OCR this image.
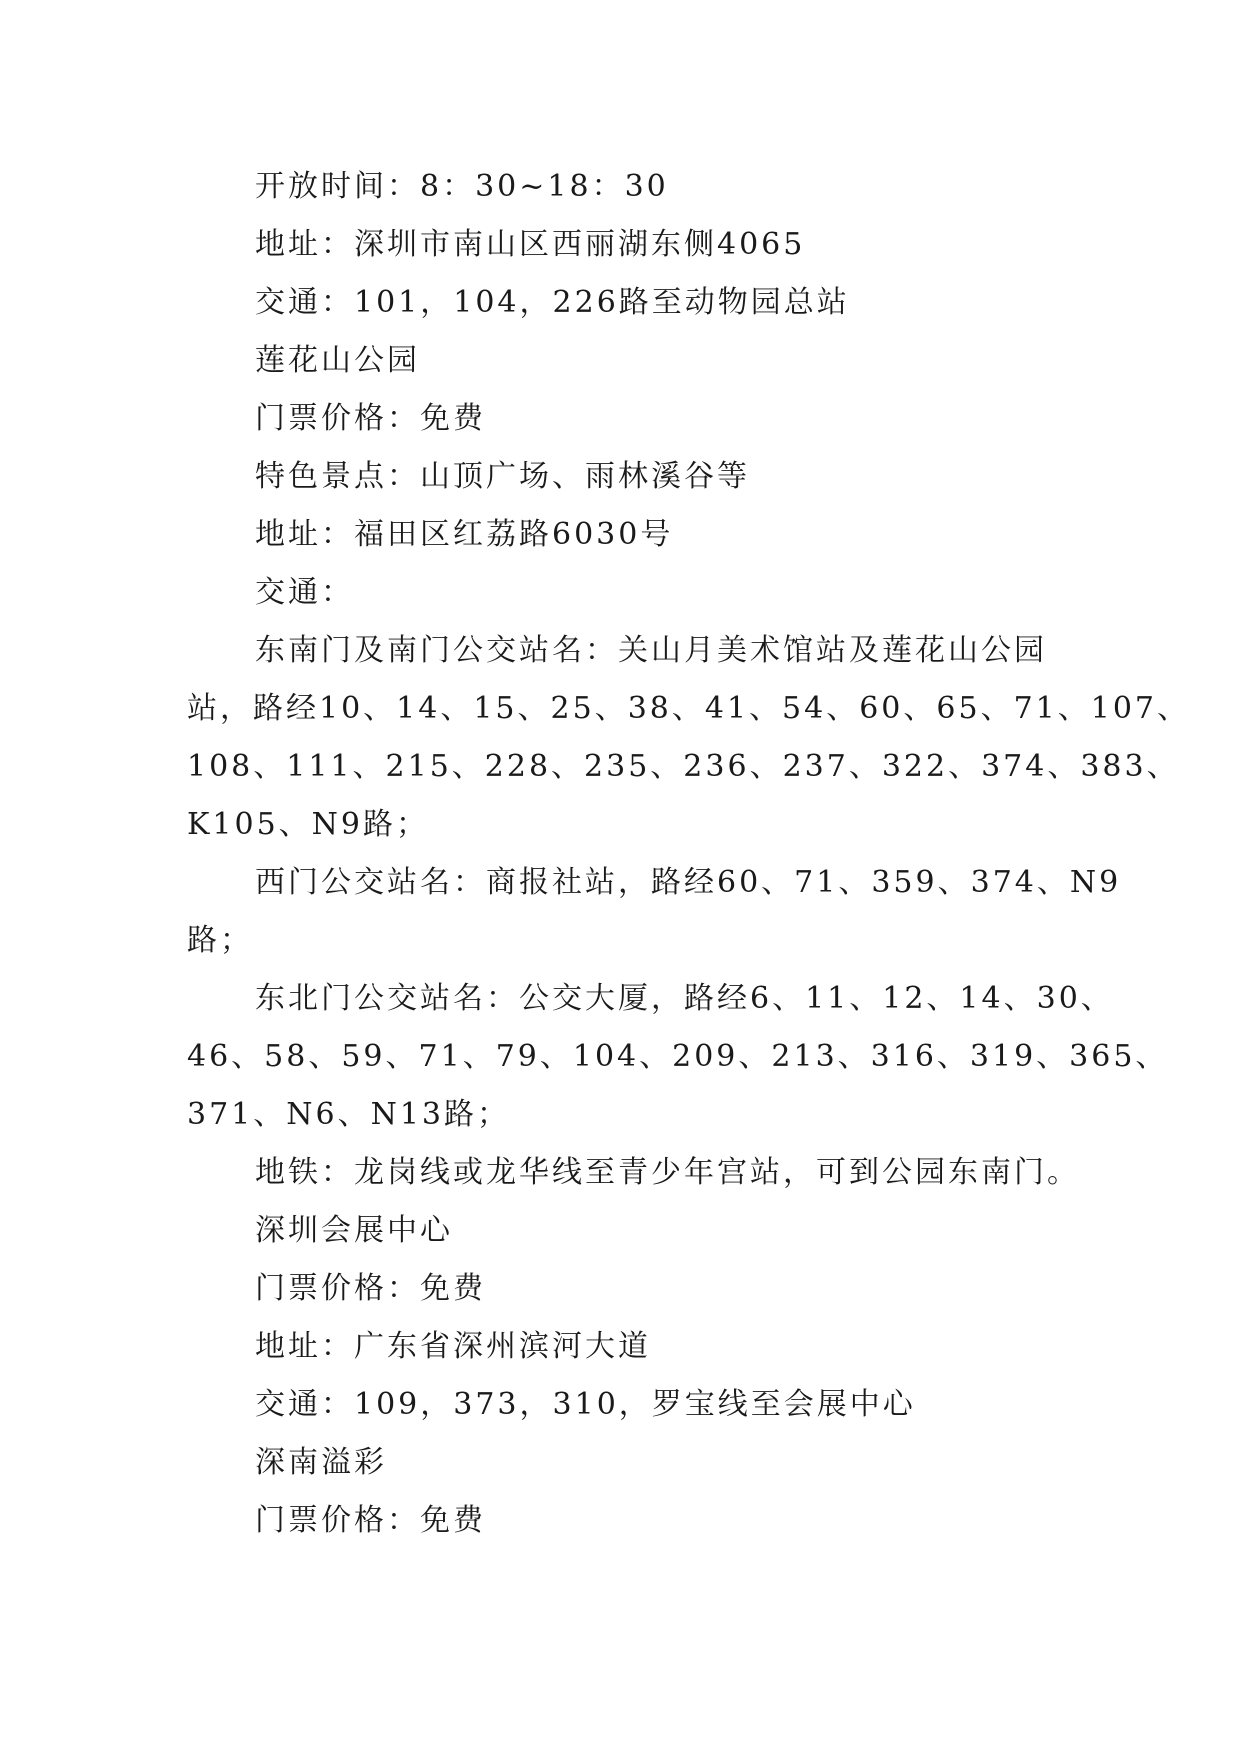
开放时间：8：30~18：30
地址：深圳市南山区西丽湖东侧4065
交通：101，104，226路至动物园总站
莲花山公园
门票价格：免费
特色景点：山顶广场、雨林溪谷等
地址：福田区红荔路6030号
交通：
东南门及南门公交站名：关山月美术馆站及莲花山公园
站，路经10、14、15、25、38、41、54、60、65、71、107、
108、111、215、228、235、236、237、322、374、383、
K105、N9路；
西门公交站名：商报社站，路经60、71、359、374、N9
路；
东北门公交站名：公交大厦，路经6、11、12、14、30、
46、58、59、71、79、104、209、213、316、319、365、
371、N6、N13路；
地铁：龙岗线或龙华线至青少年宫站，可到公园东南门。
深圳会展中心
门票价格：免费
地址：广东省深州滨河大道
交通：109，373，310，罗宝线至会展中心
深南溢彩
门票价格：免费
